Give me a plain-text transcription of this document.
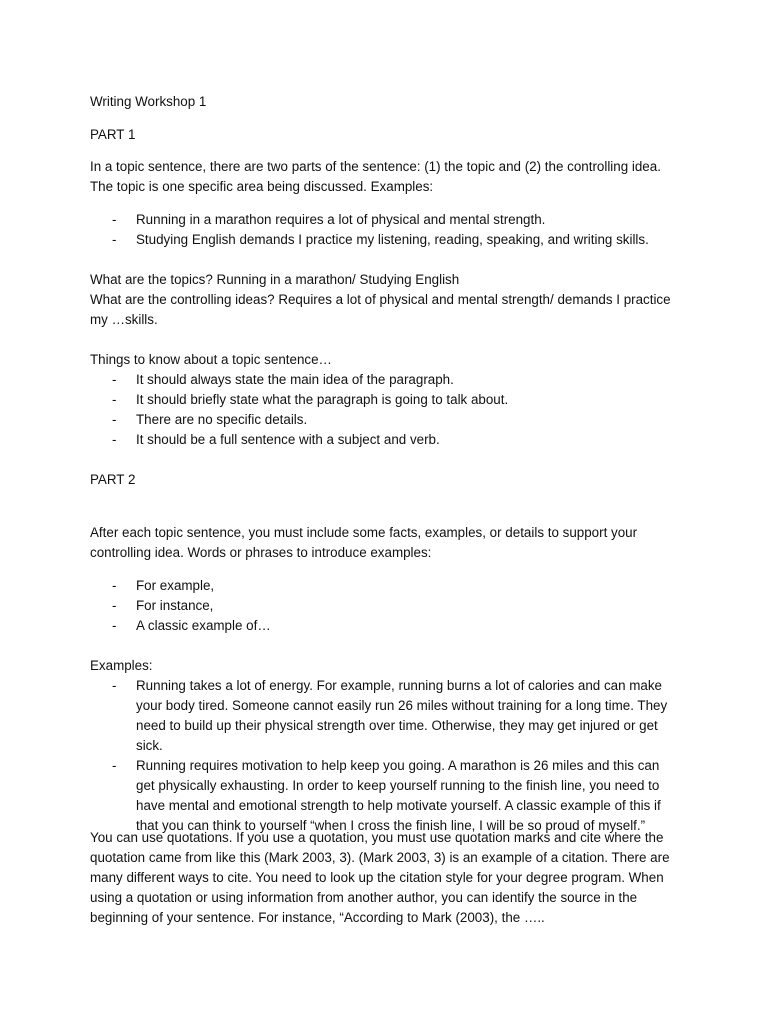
Writing Workshop 1

PART 1

In a topic sentence, there are two parts of the sentence: (1) the topic and (2) the controlling idea. The topic is one specific area being discussed. Examples:

- Running in a marathon requires a lot of physical and mental strength.
- Studying English demands I practice my listening, reading, speaking, and writing skills.

What are the topics? Running in a marathon/ Studying English

What are the controlling ideas? Requires a lot of physical and mental strength/ demands I practice my …skills.

Things to know about a topic sentence…

- It should always state the main idea of the paragraph.
- It should briefly state what the paragraph is going to talk about.
- There are no specific details.
- It should be a full sentence with a subject and verb.

PART 2

After each topic sentence, you must include some facts, examples, or details to support your controlling idea. Words or phrases to introduce examples:

- For example,
- For instance,
- A classic example of…

Examples:

- Running takes a lot of energy. For example, running burns a lot of calories and can make your body tired. Someone cannot easily run 26 miles without training for a long time. They need to build up their physical strength over time. Otherwise, they may get injured or get sick.
- Running requires motivation to help keep you going. A marathon is 26 miles and this can get physically exhausting. In order to keep yourself running to the finish line, you need to have mental and emotional strength to help motivate yourself. A classic example of this if that you can think to yourself “when I cross the finish line, I will be so proud of myself.”

You can use quotations. If you use a quotation, you must use quotation marks and cite where the quotation came from like this (Mark 2003, 3). (Mark 2003, 3) is an example of a citation. There are many different ways to cite. You need to look up the citation style for your degree program. When using a quotation or using information from another author, you can identify the source in the beginning of your sentence. For instance, “According to Mark (2003), the …..
